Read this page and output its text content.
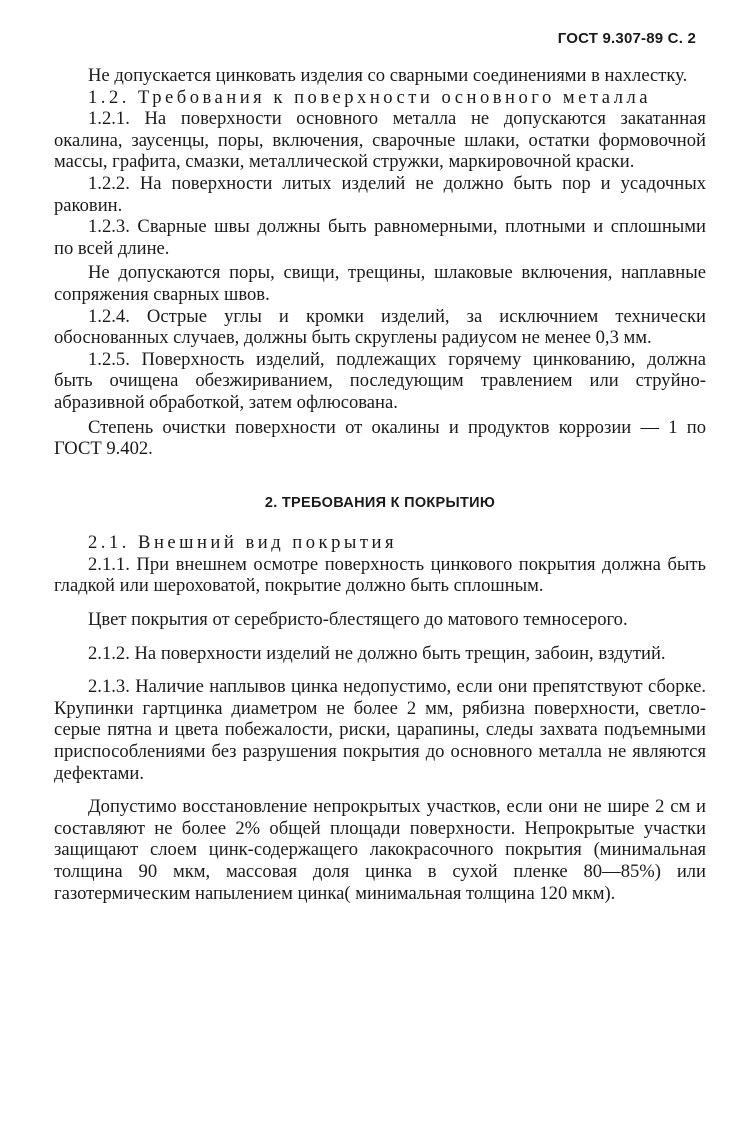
ГОСТ 9.307-89 С. 2

Не допускается цинковать изделия со сварными соединениями в нахлестку.

1.2. Требования к поверхности основного металла

1.2.1. На поверхности основного металла не допускаются закатанная окалина, заусенцы, поры, включения, сварочные шлаки, остатки формовочной массы, графита, смазки, металлической стружки, маркировочной краски.

1.2.2. На поверхности литых изделий не должно быть пор и усадочных раковин.

1.2.3. Сварные швы должны быть равномерными, плотными и сплошными по всей длине.

Не допускаются поры, свищи, трещины, шлаковые включения, наплавные сопряжения сварных швов.

1.2.4. Острые углы и кромки изделий, за исключнием технически обоснованных случаев, должны быть скруглены радиусом не менее 0,3 мм.

1.2.5. Поверхность изделий, подлежащих горячему цинкованию, должна быть очищена обезжириванием, последующим травлением или струйно-абразивной обработкой, затем офлюсована.

Степень очистки поверхности от окалины и продуктов коррозии — 1 по ГОСТ 9.402.

2. ТРЕБОВАНИЯ К ПОКРЫТИЮ

2.1. Внешний вид покрытия

2.1.1. При внешнем осмотре поверхность цинкового покрытия должна быть гладкой или шероховатой, покрытие должно быть сплошным.

Цвет покрытия от серебристо-блестящего до матового темносерого.

2.1.2. На поверхности изделий не должно быть трещин, забоин, вздутий.

2.1.3. Наличие наплывов цинка недопустимо, если они препятствуют сборке. Крупинки гартцинка диаметром не более 2 мм, рябизна поверхности, светло-серые пятна и цвета побежалости, риски, царапины, следы захвата подъемными приспособлениями без разрушения покрытия до основного металла не являются дефектами.

Допустимо восстановление непрокрытых участков, если они не шире 2 см и составляют не более 2% общей площади поверхности. Непрокрытые участки защищают слоем цинк-содержащего лакокрасочного покрытия (минимальная толщина 90 мкм, массовая доля цинка в сухой пленке 80—85%) или газотермическим напылением цинка( минимальная толщина 120 мкм).
